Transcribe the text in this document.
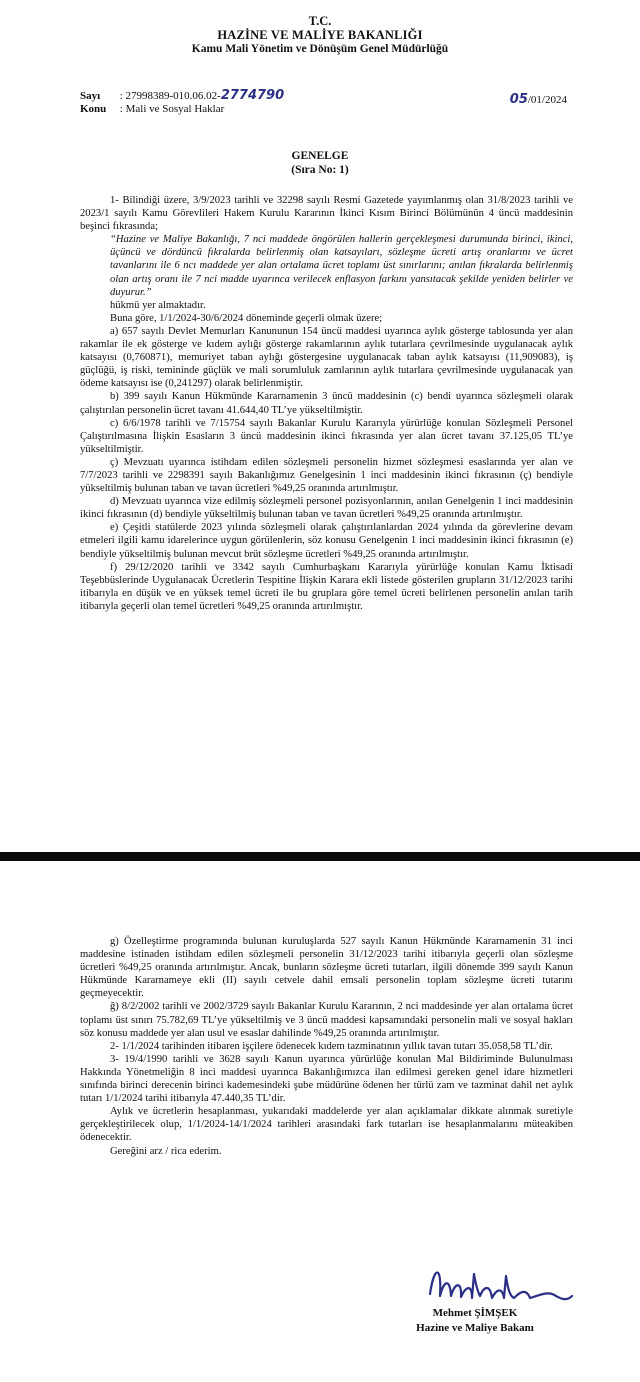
T.C.
HAZİNE VE MALİYE BAKANLIĞI
Kamu Mali Yönetim ve Dönüşüm Genel Müdürlüğü
Sayı : 27998389-010.06.02-2774790
Konu : Mali ve Sosyal Haklar
05/01/2024
GENELGE
(Sıra No: 1)

1- Bilindiği üzere, 3/9/2023 tarihli ve 32298 sayılı Resmi Gazetede yayımlanmış olan 31/8/2023 tarihli ve 2023/1 sayılı Kamu Görevlileri Hakem Kurulu Kararının İkinci Kısım Birinci Bölümünün 4 üncü maddesinin beşinci fıkrasında;

“Hazine ve Maliye Bakanlığı, 7 nci maddede öngörülen hallerin gerçekleşmesi durumunda birinci, ikinci, üçüncü ve dördüncü fıkralarda belirlenmiş olan katsayıları, sözleşme ücreti artış oranlarını ve ücret tavanlarını ile 6 ncı maddede yer alan ortalama ücret toplamı üst sınırlarını; anılan fıkralarda belirlenmiş olan artış oranı ile 7 nci madde uyarınca verilecek enflasyon farkını yansıtacak şekilde yeniden belirler ve duyurur.”

hükmü yer almaktadır.

Buna göre, 1/1/2024-30/6/2024 döneminde geçerli olmak üzere;

a) 657 sayılı Devlet Memurları Kanununun 154 üncü maddesi uyarınca aylık gösterge tablosunda yer alan rakamlar ile ek gösterge ve kıdem aylığı gösterge rakamlarının aylık tutarlara çevrilmesinde uygulanacak aylık katsayısı (0,760871), memuriyet taban aylığı göstergesine uygulanacak taban aylık katsayısı (11,909083), iş güçlüğü, iş riski, temininde güçlük ve mali sorumluluk zamlarının aylık tutarlara çevrilmesinde uygulanacak yan ödeme katsayısı ise (0,241297) olarak belirlenmiştir.

b) 399 sayılı Kanun Hükmünde Kararnamenin 3 üncü maddesinin (c) bendi uyarınca sözleşmeli olarak çalıştırılan personelin ücret tavanı 41.644,40 TL’ye yükseltilmiştir.

c) 6/6/1978 tarihli ve 7/15754 sayılı Bakanlar Kurulu Kararıyla yürürlüğe konulan Sözleşmeli Personel Çalıştırılmasına İlişkin Esasların 3 üncü maddesinin ikinci fıkrasında yer alan ücret tavanı 37.125,05 TL’ye yükseltilmiştir.

ç) Mevzuatı uyarınca istihdam edilen sözleşmeli personelin hizmet sözleşmesi esaslarında yer alan ve 7/7/2023 tarihli ve 2298391 sayılı Bakanlığımız Genelgesinin 1 inci maddesinin ikinci fıkrasının (ç) bendiyle yükseltilmiş bulunan taban ve tavan ücretleri %49,25 oranında artırılmıştır.

d) Mevzuatı uyarınca vize edilmiş sözleşmeli personel pozisyonlarının, anılan Genelgenin 1 inci maddesinin ikinci fıkrasının (d) bendiyle yükseltilmiş bulunan taban ve tavan ücretleri %49,25 oranında artırılmıştır.

e) Çeşitli statülerde 2023 yılında sözleşmeli olarak çalıştırılanlardan 2024 yılında da görevlerine devam etmeleri ilgili kamu idarelerince uygun görülenlerin, söz konusu Genelgenin 1 inci maddesinin ikinci fıkrasının (e) bendiyle yükseltilmiş bulunan mevcut brüt sözleşme ücretleri %49,25 oranında artırılmıştır.

f) 29/12/2020 tarihli ve 3342 sayılı Cumhurbaşkanı Kararıyla yürürlüğe konulan Kamu İktisadi Teşebbüslerinde Uygulanacak Ücretlerin Tespitine İlişkin Karara ekli listede gösterilen grupların 31/12/2023 tarihi itibarıyla en düşük ve en yüksek temel ücreti ile bu gruplara göre temel ücreti belirlenen personelin anılan tarih itibarıyla geçerli olan temel ücretleri %49,25 oranında artırılmıştır.

g) Özelleştirme programında bulunan kuruluşlarda 527 sayılı Kanun Hükmünde Kararnamenin 31 inci maddesine istinaden istihdam edilen sözleşmeli personelin 31/12/2023 tarihi itibarıyla geçerli olan sözleşme ücretleri %49,25 oranında artırılmıştır. Ancak, bunların sözleşme ücreti tutarları, ilgili dönemde 399 sayılı Kanun Hükmünde Kararnameye ekli (II) sayılı cetvele dahil emsali personelin toplam sözleşme ücreti tutarını geçmeyecektir.

ğ) 8/2/2002 tarihli ve 2002/3729 sayılı Bakanlar Kurulu Kararının, 2 nci maddesinde yer alan ortalama ücret toplamı üst sınırı 75.782,69 TL’ye yükseltilmiş ve 3 üncü maddesi kapsamındaki personelin mali ve sosyal hakları söz konusu maddede yer alan usul ve esaslar dahilinde %49,25 oranında artırılmıştır.

2- 1/1/2024 tarihinden itibaren işçilere ödenecek kıdem tazminatının yıllık tavan tutarı 35.058,58 TL’dir.

3- 19/4/1990 tarihli ve 3628 sayılı Kanun uyarınca yürürlüğe konulan Mal Bildiriminde Bulunulması Hakkında Yönetmeliğin 8 inci maddesi uyarınca Bakanlığımızca ilan edilmesi gereken genel idare hizmetleri sınıfında birinci derecenin birinci kademesindeki şube müdürüne ödenen her türlü zam ve tazminat dahil net aylık tutarı 1/1/2024 tarihi itibarıyla 47.440,35 TL’dir.

Aylık ve ücretlerin hesaplanması, yukarıdaki maddelerde yer alan açıklamalar dikkate alınmak suretiyle gerçekleştirilecek olup, 1/1/2024-14/1/2024 tarihleri arasındaki fark tutarları ise hesaplanmalarını müteakiben ödenecektir.

Gereğini arz / rica ederim.

Mehmet ŞİMŞEK
Hazine ve Maliye Bakanı
